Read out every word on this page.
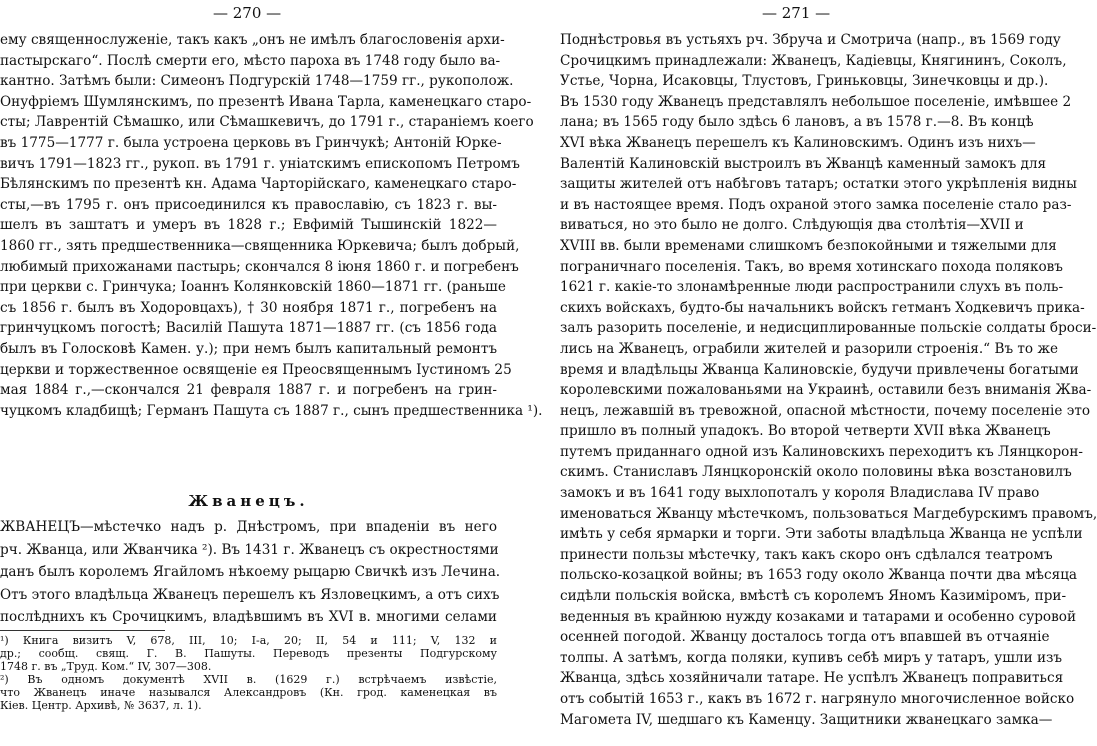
— 270 —
ему священнослуженіе, такъ какъ „онъ не имѣлъ благословенія архи-
пастырскаго“. Послѣ смерти его, мѣсто пароха въ 1748 году было ва-
кантно. Затѣмъ были: Симеонъ Подгурскій 1748—1759 гг., рукополож.
Онуфріемъ Шумлянскимъ, по презентѣ Ивана Тарла, каменецкаго старо-
сты; Лаврентій Сѣмашко, или Сѣмашкевичъ, до 1791 г., стараніемъ коего
въ 1775—1777 г. была устроена церковь въ Гринчукѣ; Антоній Юрке-
вичъ 1791—1823 гг., рукоп. въ 1791 г. уніатскимъ епископомъ Петромъ
Бѣлянскимъ по презентѣ кн. Адама Чарторійскаго, каменецкаго старо-
сты,—въ 1795 г. онъ присоединился къ православію, съ 1823 г. вы-
шелъ въ заштатъ и умеръ въ 1828 г.; Евфимій Тышинскій 1822—
1860 гг., зять предшественника—священника Юркевича; былъ добрый,
любимый прихожанами пастырь; скончался 8 іюня 1860 г. и погребенъ
при церкви с. Гринчука; Іоаннъ Колянковскій 1860—1871 гг. (раньше
съ 1856 г. былъ въ Ходоровцахъ), † 30 ноября 1871 г., погребенъ на
гринчуцкомъ погостѣ; Василій Пашута 1871—1887 гг. (съ 1856 года
былъ въ Голосковѣ Камен. у.); при немъ былъ капитальный ремонтъ
церкви и торжественное освященіе ея Преосвященнымъ Іустиномъ 25
мая 1884 г.,—скончался 21 февраля 1887 г. и погребенъ на грин-
чуцкомъ кладбищѣ; Германъ Пашута съ 1887 г., сынъ предшественника ¹).
Жванецъ.
ЖВАНЕЦЪ—мѣстечко надъ р. Днѣстромъ, при впаденіи въ него
рч. Жванца, или Жванчика ²). Въ 1431 г. Жванецъ съ окрестностями
данъ былъ королемъ Ягайломъ нѣкоему рыцарю Свичкѣ изъ Лечина.
Отъ этого владѣльца Жванецъ перешелъ къ Язловецкимъ, а отъ сихъ
послѣднихъ къ Срочицкимъ, владѣвшимъ въ XVI в. многими селами
¹) Книга визитъ V, 678, III, 10; I-a, 20; II, 54 и 111; V, 132 и
др.; сообщ. свящ. Г. В. Пашуты. Переводъ презенты Подгурскому
1748 г. въ „Труд. Ком.“ IV, 307—308.
²) Въ одномъ документѣ XVII в. (1629 г.) встрѣчаемъ извѣстіе,
что Жванецъ иначе назывался Александровъ (Кн. грод. каменецкая въ
Кіев. Центр. Архивѣ, № 3637, л. 1).
— 271 —
Поднѣстровья въ устьяхъ рч. Збруча и Смотрича (напр., въ 1569 году
Срочицкимъ принадлежали: Жванецъ, Кадіевцы, Княгининъ, Соколъ,
Устье, Чорна, Исаковцы, Тлустовъ, Гриньковцы, Зинечковцы и др.).
Въ 1530 году Жванецъ представлялъ небольшое поселеніе, имѣвшее 2
лана; въ 1565 году было здѣсь 6 лановъ, а въ 1578 г.—8. Въ концѣ
XVI вѣка Жванецъ перешелъ къ Калиновскимъ. Одинъ изъ нихъ—
Валентій Калиновскій выстроилъ въ Жванцѣ каменный замокъ для
защиты жителей отъ набѣговъ татаръ; остатки этого укрѣпленія видны
и въ настоящее время. Подъ охраной этого замка поселеніе стало раз-
виваться, но это было не долго. Слѣдующія два столѣтія—XVII и
XVIII вв. были временами слишкомъ безпокойными и тяжелыми для
пограничнаго поселенія. Такъ, во время хотинскаго похода поляковъ
1621 г. какіе-то злонамѣренные люди распространили слухъ въ поль-
скихъ войскахъ, будто-бы начальникъ войскъ гетманъ Ходкевичъ прика-
залъ разорить поселеніе, и недисциплированные польскіе солдаты броси-
лись на Жванецъ, ограбили жителей и разорили строенія.“ Въ то же
время и владѣльцы Жванца Калиновскіе, будучи привлечены богатыми
королевскими пожалованьями на Украинѣ, оставили безъ вниманія Жва-
нецъ, лежавшій въ тревожной, опасной мѣстности, почему поселеніе это
пришло въ полный упадокъ. Во второй четверти XVII вѣка Жванецъ
путемъ приданнаго одной изъ Калиновскихъ переходитъ къ Лянцкорон-
скимъ. Станиславъ Лянцкоронскій около половины вѣка возстановилъ
замокъ и въ 1641 году выхлопоталъ у короля Владислава IV право
именоваться Жванцу мѣстечкомъ, пользоваться Магдебурскимъ правомъ,
имѣть у себя ярмарки и торги. Эти заботы владѣльца Жванца не успѣли
принести пользы мѣстечку, такъ какъ скоро онъ сдѣлался театромъ
польско-козацкой войны; въ 1653 году около Жванца почти два мѣсяца
сидѣли польскія войска, вмѣстѣ съ королемъ Яномъ Казиміромъ, при-
веденныя въ крайнюю нужду козаками и татарами и особенно суровой
осенней погодой. Жванцу досталось тогда отъ впавшей въ отчаяніе
толпы. А затѣмъ, когда поляки, купивъ себѣ миръ у татаръ, ушли изъ
Жванца, здѣсь хозяйничали татаре. Не успѣлъ Жванецъ поправиться
отъ событій 1653 г., какъ въ 1672 г. нагрянуло многочисленное войско
Магомета IV, шедшаго къ Каменцу. Защитники жванецкаго замка—
